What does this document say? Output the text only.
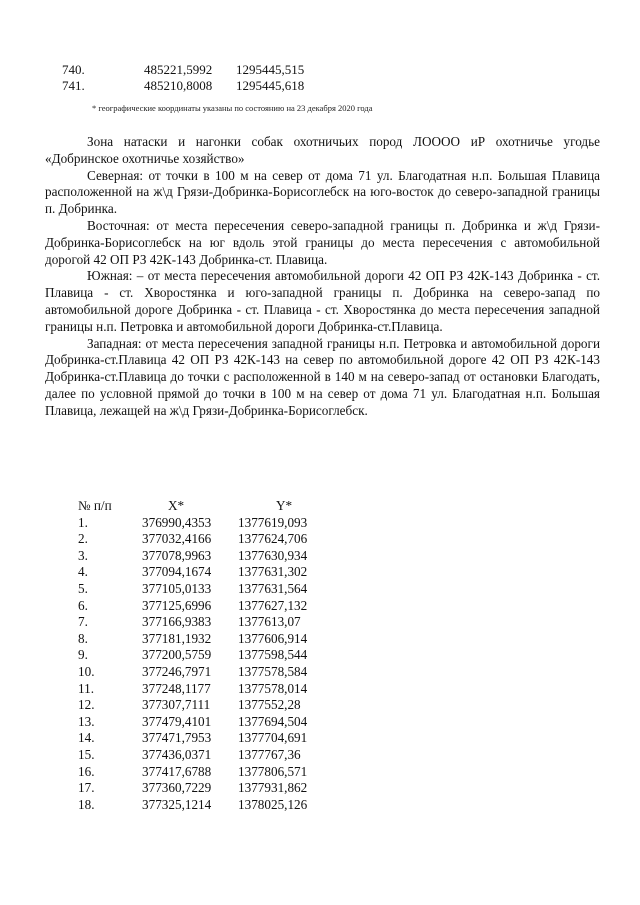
740.	485221,5992	1295445,515
741.	485210,8008	1295445,618
* географические координаты указаны по состоянию на 23 декабря 2020 года

Зона натаски и нагонки собак охотничьих пород ЛОООО иР охотничье угодье «Добринское охотничье хозяйство»

Северная: от точки в 100 м на север от дома 71 ул. Благодатная н.п. Большая Плавица расположенной на ж\д Грязи-Добринка-Борисоглебск на юго-восток до северо-западной границы п. Добринка.

Восточная: от места пересечения северо-западной границы п. Добринка и ж\д Грязи-Добринка-Борисоглебск на юг вдоль этой границы до места пересечения с автомобильной дорогой 42 ОП РЗ 42К-143 Добринка-ст. Плавица.

Южная: – от места пересечения автомобильной дороги 42 ОП РЗ 42К-143 Добринка - ст. Плавица - ст. Хворостянка и юго-западной границы п. Добринка на северо-запад по автомобильной дороге Добринка - ст. Плавица - ст. Хворостянка до места пересечения западной границы н.п. Петровка и автомобильной дороги Добринка-ст.Плавица.

Западная: от места пересечения западной границы н.п. Петровка и автомобильной дороги Добринка-ст.Плавица 42 ОП РЗ 42К-143 на север по автомобильной дороге 42 ОП РЗ 42К-143 Добринка-ст.Плавица до точки с расположенной в 140 м на северо-запад от остановки Благодать, далее по условной прямой до точки в 100 м на север от дома 71 ул. Благодатная н.п. Большая Плавица, лежащей на ж\д Грязи-Добринка-Борисоглебск.

№ п/п	X*	Y*
1.	376990,4353	1377619,093
2.	377032,4166	1377624,706
3.	377078,9963	1377630,934
4.	377094,1674	1377631,302
5.	377105,0133	1377631,564
6.	377125,6996	1377627,132
7.	377166,9383	1377613,07
8.	377181,1932	1377606,914
9.	377200,5759	1377598,544
10.	377246,7971	1377578,584
11.	377248,1177	1377578,014
12.	377307,7111	1377552,28
13.	377479,4101	1377694,504
14.	377471,7953	1377704,691
15.	377436,0371	1377767,36
16.	377417,6788	1377806,571
17.	377360,7229	1377931,862
18.	377325,1214	1378025,126
